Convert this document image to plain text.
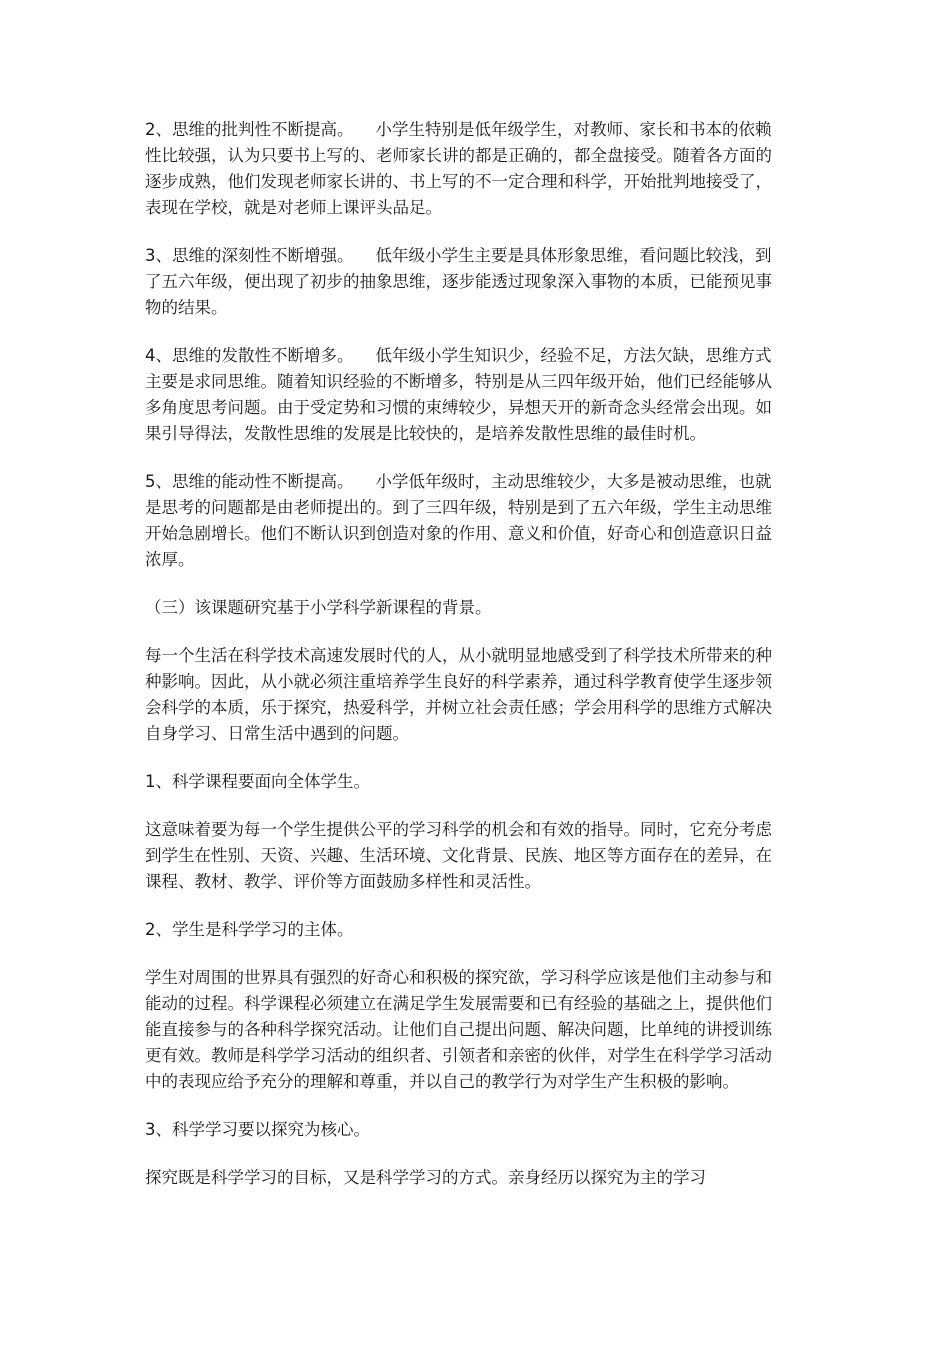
2、思维的批判性不断提高。 小学生特别是低年级学生，对教师、家长和书本的依赖性比较强，认为只要书上写的、老师家长讲的都是正确的，都全盘接受。随着各方面的逐步成熟，他们发现老师家长讲的、书上写的不一定合理和科学，开始批判地接受了，表现在学校，就是对老师上课评头品足。

3、思维的深刻性不断增强。 低年级小学生主要是具体形象思维，看问题比较浅，到了五六年级，便出现了初步的抽象思维，逐步能透过现象深入事物的本质，已能预见事物的结果。

4、思维的发散性不断增多。 低年级小学生知识少，经验不足，方法欠缺，思维方式主要是求同思维。随着知识经验的不断增多，特别是从三四年级开始，他们已经能够从多角度思考问题。由于受定势和习惯的束缚较少，异想天开的新奇念头经常会出现。如果引导得法，发散性思维的发展是比较快的，是培养发散性思维的最佳时机。

5、思维的能动性不断提高。 小学低年级时，主动思维较少，大多是被动思维，也就是思考的问题都是由老师提出的。到了三四年级，特别是到了五六年级，学生主动思维开始急剧增长。他们不断认识到创造对象的作用、意义和价值，好奇心和创造意识日益浓厚。

（三）该课题研究基于小学科学新课程的背景。

每一个生活在科学技术高速发展时代的人，从小就明显地感受到了科学技术所带来的种种影响。因此，从小就必须注重培养学生良好的科学素养，通过科学教育使学生逐步领会科学的本质，乐于探究，热爱科学，并树立社会责任感；学会用科学的思维方式解决自身学习、日常生活中遇到的问题。

1、科学课程要面向全体学生。

这意味着要为每一个学生提供公平的学习科学的机会和有效的指导。同时，它充分考虑到学生在性别、天资、兴趣、生活环境、文化背景、民族、地区等方面存在的差异，在课程、教材、教学、评价等方面鼓励多样性和灵活性。

2、学生是科学学习的主体。

学生对周围的世界具有强烈的好奇心和积极的探究欲，学习科学应该是他们主动参与和能动的过程。科学课程必须建立在满足学生发展需要和已有经验的基础之上，提供他们能直接参与的各种科学探究活动。让他们自己提出问题、解决问题，比单纯的讲授训练更有效。教师是科学学习活动的组织者、引领者和亲密的伙伴，对学生在科学学习活动中的表现应给予充分的理解和尊重，并以自己的教学行为对学生产生积极的影响。

3、科学学习要以探究为核心。

探究既是科学学习的目标，又是科学学习的方式。亲身经历以探究为主的学习
